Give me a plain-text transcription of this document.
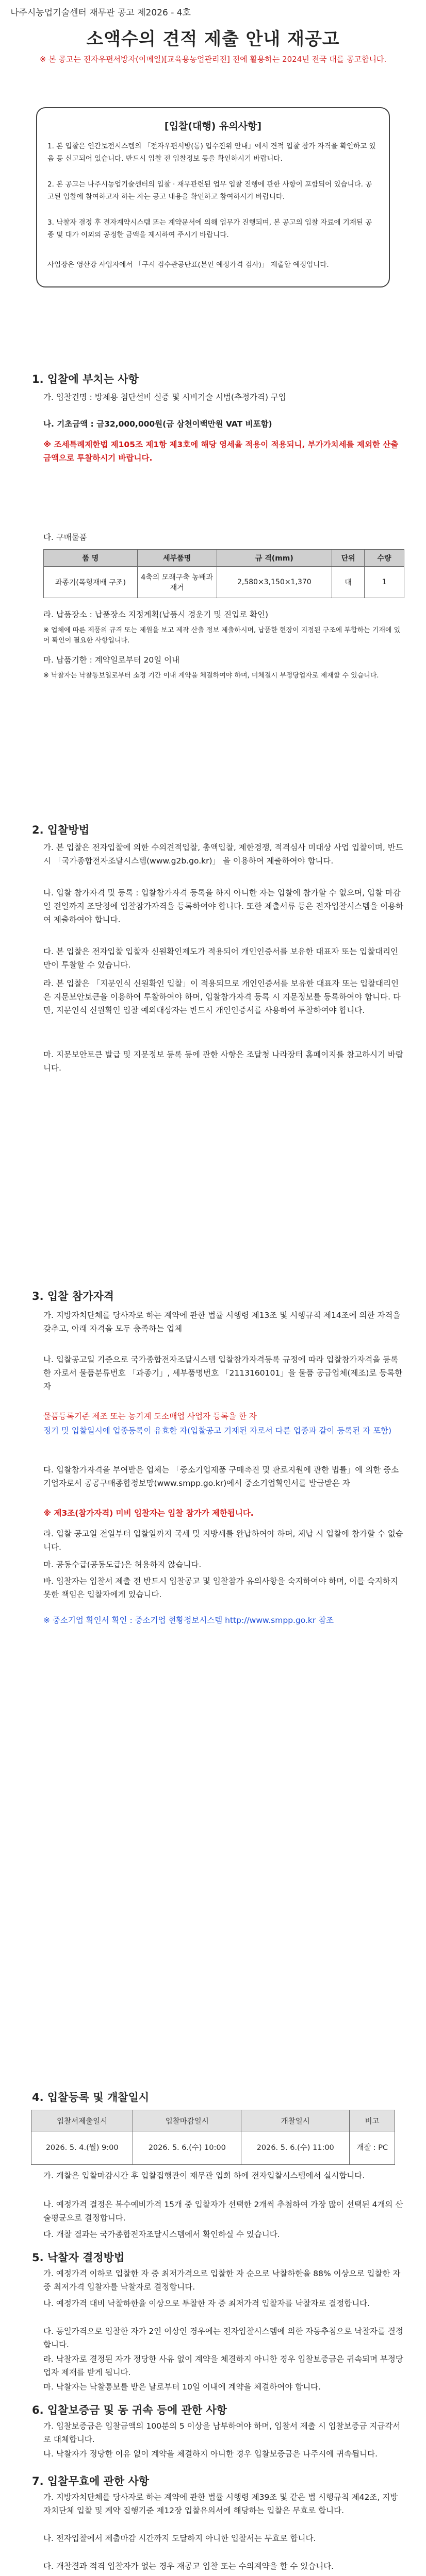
나주시농업기술센터 재무관 공고 제2026 - 4호
소액수의 견적 제출 안내 재공고
※ 본 공고는 전자우편서방자(이메일)[교육용농업관리전] 전에 활용하는 2024년 전국 대를 공고합니다.
[입찰(대행) 유의사항]
1. 본 입찰은 인간보전시스템의 「전자우편서방(통) 입수진위 안내」에서 견적 입찰 참가 자격을 확인하고 있음 등 신고되어 있습니다. 반드시 입찰 전 입찰정보 등을 확인하시기 바랍니다.
2. 본 공고는 나주시농업기술센터의 입찰 · 재무관련된 업무 입찰 진행에 관한 사항이 포함되어 있습니다. 공고된 입찰에 참여하고자 하는 자는 공고 내용을 확인하고 참여하시기 바랍니다.
3. 낙찰자 결정 후 전자계약시스템 또는 계약문서에 의해 업무가 진행되며, 본 공고의 입찰 자료에 기재된 공종 및 대가 이외의 공정한 금액을 제시하여 주시기 바랍니다.
사업장은 영산강 사업자에서 「구시 검수관공단표(본인 예정가격 검사)」 제출할 예정입니다.
1. 입찰에 부치는 사항
가. 입찰건명 : 방제용 첨단설비 실증 및 시비기술 시범(추정가격) 구입
나. 기초금액 : 금32,000,000원(금 삼천이백만원 VAT 비포함)
※ 조세특례제한법 제105조 제1항 제3호에 해당 영세율 적용이 적용되니, 부가가치세를 제외한 산출금액으로 투찰하시기 바랍니다.
다. 구매물품
품 명	세부품명	규 격(mm)	단위	수량
과종기(목형재배 구조)	4축의 모래구축 농배과재거	2,580×3,150×1,370	대	1
라. 납품장소 : 납품장소 지정계획(납품시 경운기 및 진입로 확인)
※ 업체에 따른 제품의 규격 또는 제원을 보고 제작 산출 정보 제출하시며, 납품한 현장이 지정된 구조에 부합하는 기재에 있어 확인이 필요한 사항입니다.
마. 납품기한 : 계약일로부터 20일 이내
※ 낙찰자는 낙찰통보일로부터 소정 기간 이내 계약을 체결하여야 하며, 미체결시 부정당업자로 제재할 수 있습니다.
2. 입찰방법
가. 본 입찰은 전자입찰에 의한 수의견적입찰, 총액입찰, 제한경쟁, 적격심사 미대상 사업 입찰이며, 반드시 「국가종합전자조달시스템(www.g2b.go.kr)」 을 이용하여 제출하여야 합니다.
나. 입찰 참가자격 및 등록 : 입찰참가자격 등록을 하지 아니한 자는 입찰에 참가할 수 없으며, 입찰 마감일 전일까지 조달청에 입찰참가자격을 등록하여야 합니다. 또한 제출서류 등은 전자입찰시스템을 이용하여 제출하여야 합니다.
다. 본 입찰은 전자입찰 입찰자 신원확인제도가 적용되어 개인인증서를 보유한 대표자 또는 입찰대리인만이 투찰할 수 있습니다.
라. 본 입찰은 「지문인식 신원확인 입찰」이 적용되므로 개인인증서를 보유한 대표자 또는 입찰대리인은 지문보안토큰을 이용하여 투찰하여야 하며, 입찰참가자격 등록 시 지문정보를 등록하여야 합니다. 다만, 지문인식 신원확인 입찰 예외대상자는 반드시 개인인증서를 사용하여 투찰하여야 합니다.
마. 지문보안토큰 발급 및 지문정보 등록 등에 관한 사항은 조달청 나라장터 홈페이지를 참고하시기 바랍니다.
3. 입찰 참가자격
가. 지방자치단체를 당사자로 하는 계약에 관한 법률 시행령 제13조 및 시행규칙 제14조에 의한 자격을 갖추고, 아래 자격을 모두 충족하는 업체
나. 입찰공고일 기준으로 국가종합전자조달시스템 입찰참가자격등록 규정에 따라 입찰참가자격을 등록한 자로서 물품분류번호 「과종기」, 세부품명번호 「2113160101」을 물품 공급업체(제조)로 등록한 자
물품등록기준 제조 또는 농기계 도소매업 사업자 등록을 한 자
정기 및 입찰일시에 업종등록이 유효한 자(입찰공고 기재된 자로서 다른 업종과 같이 등록된 자 포함)
다. 입찰참가자격을 부여받은 업체는 「중소기업제품 구매촉진 및 판로지원에 관한 법률」에 의한 중소기업자로서 공공구매종합정보망(www.smpp.go.kr)에서 중소기업확인서를 발급받은 자
※ 제3조(참가자격) 미비 입찰자는 입찰 참가가 제한됩니다.
라. 입찰 공고일 전일부터 입찰일까지 국세 및 지방세를 완납하여야 하며, 체납 시 입찰에 참가할 수 없습니다.
마. 공동수급(공동도급)은 허용하지 않습니다.
바. 입찰자는 입찰서 제출 전 반드시 입찰공고 및 입찰참가 유의사항을 숙지하여야 하며, 이를 숙지하지 못한 책임은 입찰자에게 있습니다.
※ 중소기업 확인서 확인 : 중소기업 현황정보시스템 http://www.smpp.go.kr 참조
4. 입찰등록 및 개찰일시
입찰서제출일시	입찰마감일시	개찰일시	비고
2026. 5. 4.(월) 9:00	2026. 5. 6.(수) 10:00	2026. 5. 6.(수) 11:00	개찰 : PC
가. 개찰은 입찰마감시간 후 입찰집행관이 재무관 입회 하에 전자입찰시스템에서 실시합니다.
나. 예정가격 결정은 복수예비가격 15개 중 입찰자가 선택한 2개씩 추첨하여 가장 많이 선택된 4개의 산술평균으로 결정합니다.
다. 개찰 결과는 국가종합전자조달시스템에서 확인하실 수 있습니다.
5. 낙찰자 결정방법
가. 예정가격 이하로 입찰한 자 중 최저가격으로 입찰한 자 순으로 낙찰하한율 88% 이상으로 입찰한 자 중 최저가격 입찰자를 낙찰자로 결정합니다.
나. 예정가격 대비 낙찰하한율 이상으로 투찰한 자 중 최저가격 입찰자를 낙찰자로 결정합니다.
다. 동일가격으로 입찰한 자가 2인 이상인 경우에는 전자입찰시스템에 의한 자동추첨으로 낙찰자를 결정합니다.
라. 낙찰자로 결정된 자가 정당한 사유 없이 계약을 체결하지 아니한 경우 입찰보증금은 귀속되며 부정당업자 제재를 받게 됩니다.
마. 낙찰자는 낙찰통보를 받은 날로부터 10일 이내에 계약을 체결하여야 합니다.
6. 입찰보증금 및 동 귀속 등에 관한 사항
가. 입찰보증금은 입찰금액의 100분의 5 이상을 납부하여야 하며, 입찰서 제출 시 입찰보증금 지급각서로 대체합니다.
나. 낙찰자가 정당한 이유 없이 계약을 체결하지 아니한 경우 입찰보증금은 나주시에 귀속됩니다.
7. 입찰무효에 관한 사항
가. 지방자치단체를 당사자로 하는 계약에 관한 법률 시행령 제39조 및 같은 법 시행규칙 제42조, 지방자치단체 입찰 및 계약 집행기준 제12장 입찰유의서에 해당하는 입찰은 무효로 합니다.
나. 전자입찰에서 제출마감 시간까지 도달하지 아니한 입찰서는 무효로 합니다.
다. 개찰결과 적격 입찰자가 없는 경우 재공고 입찰 또는 수의계약을 할 수 있습니다.
